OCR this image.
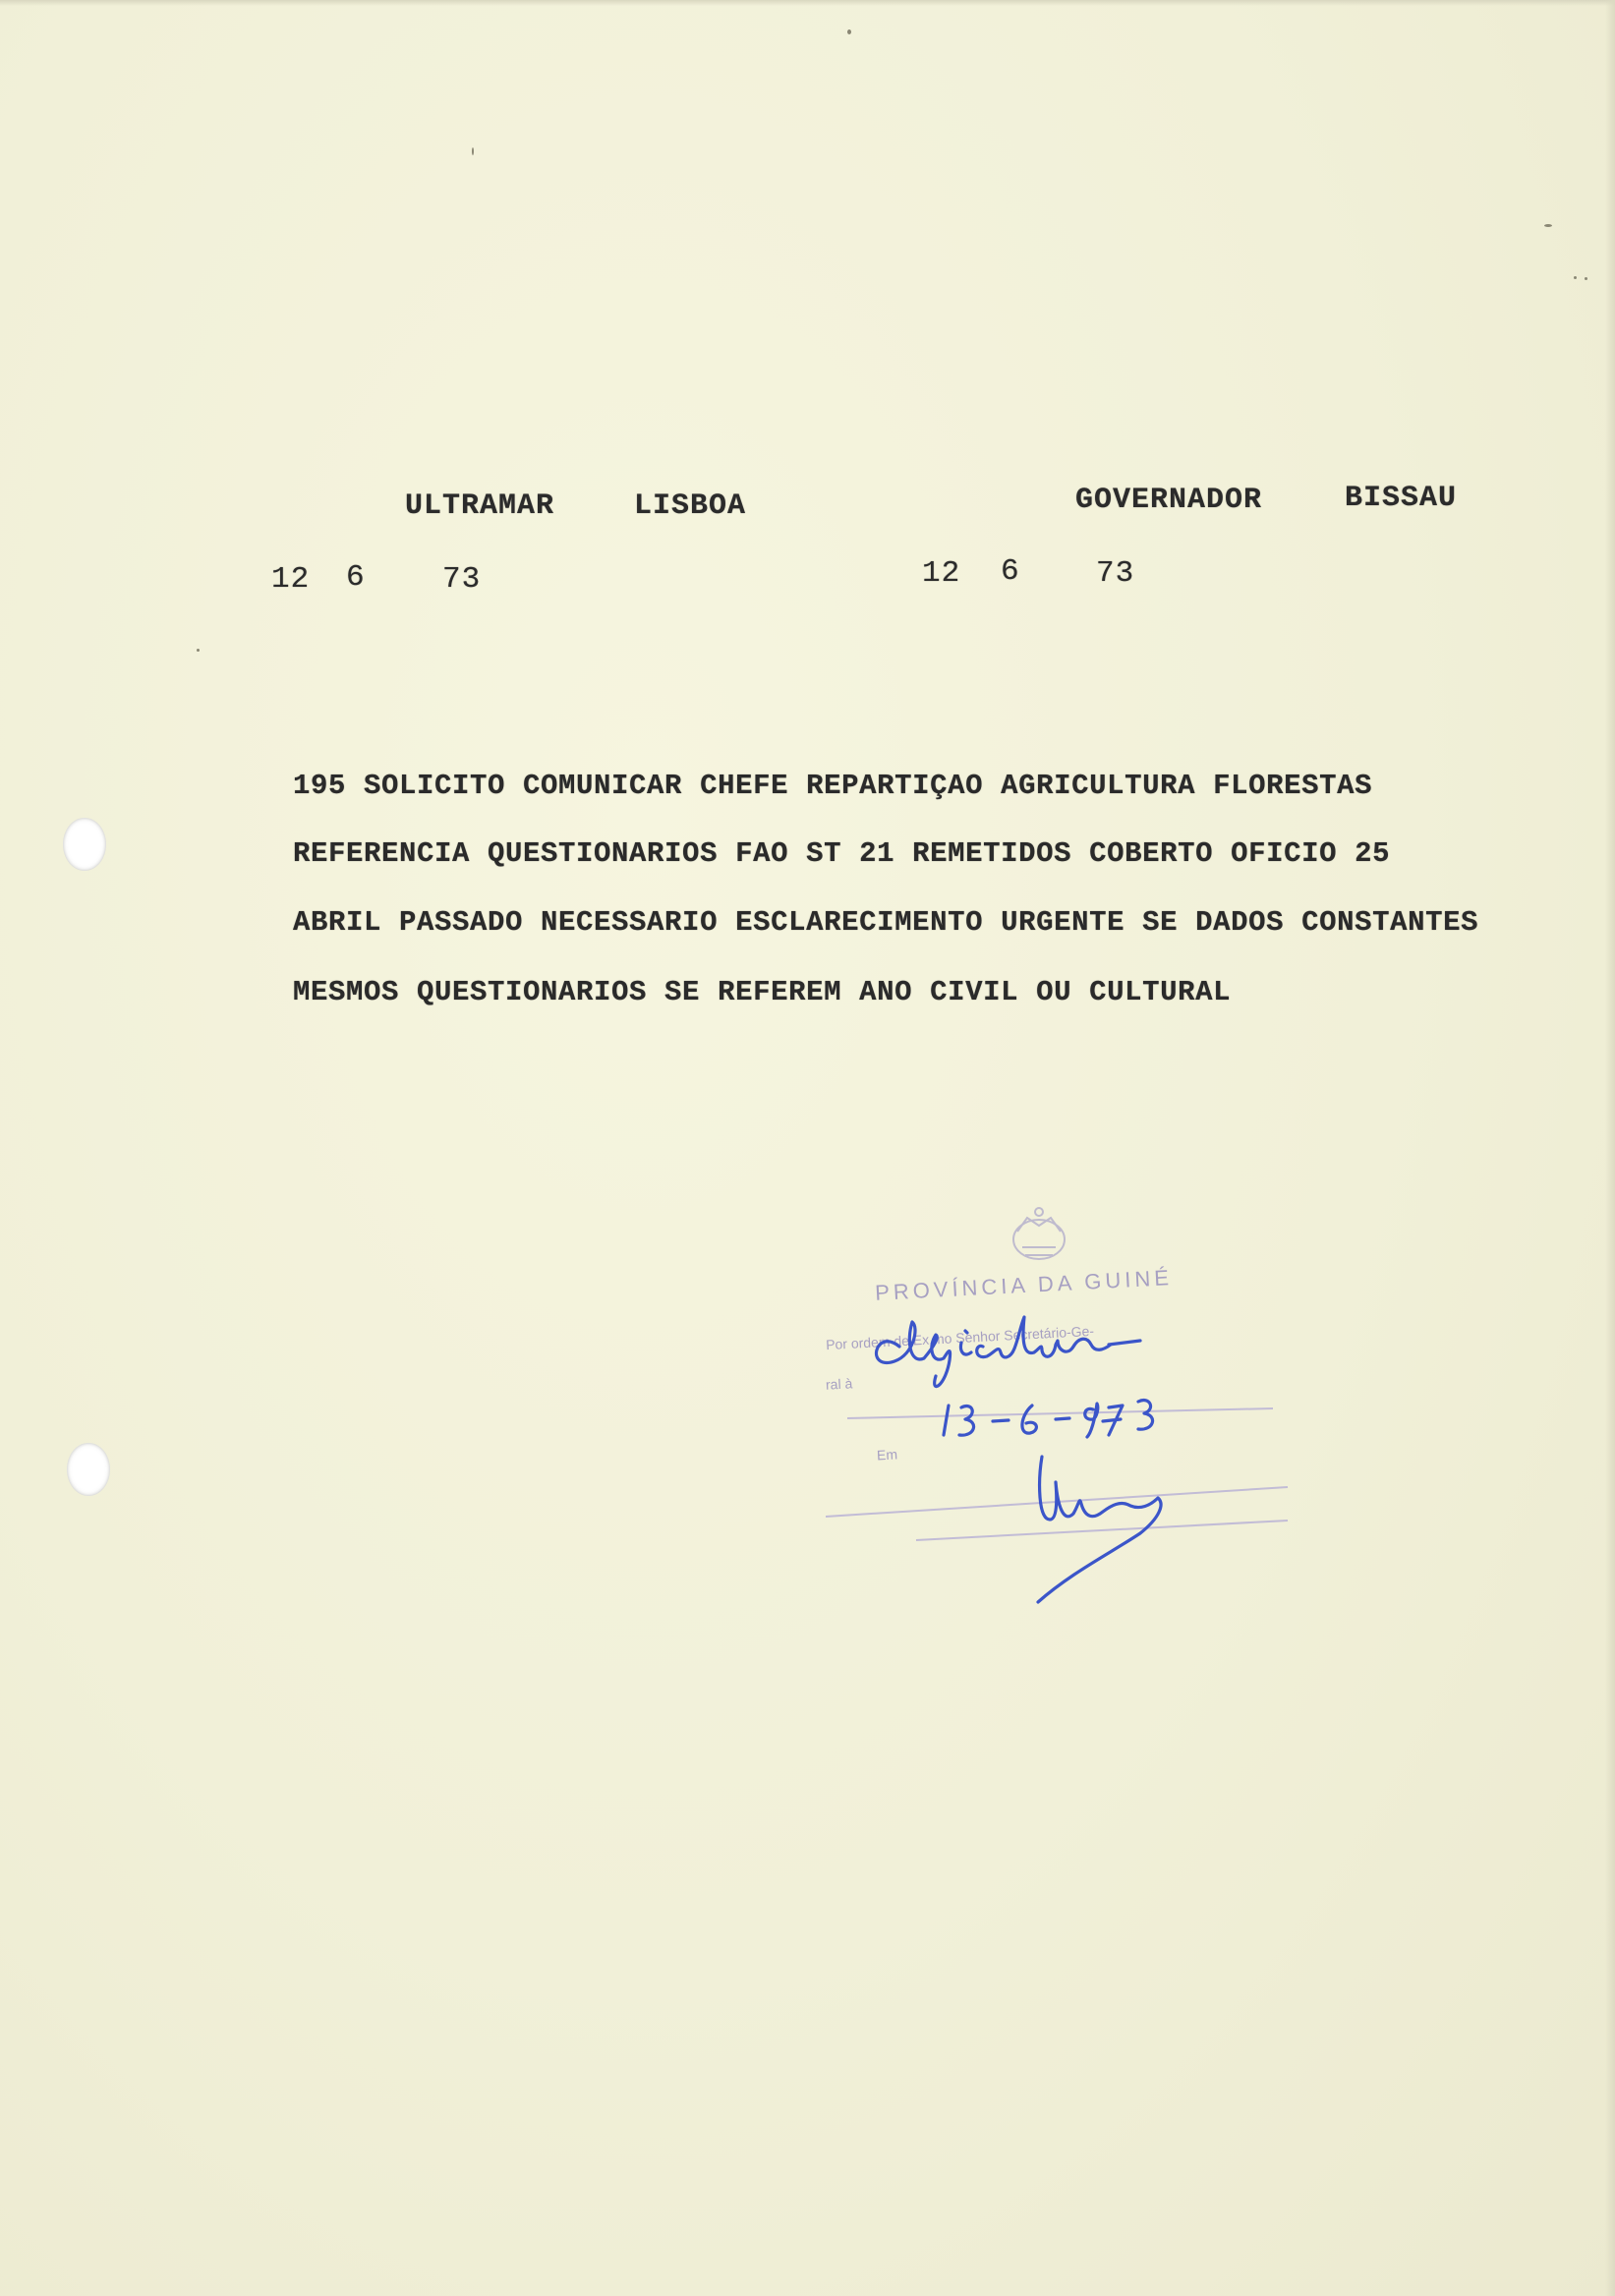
ULTRAMAR	LISBOA
12 6	73
GOVERNADOR	BISSAU
12 6 73
195 SOLICITO COMUNICAR CHEFE REPARTIÇAO AGRICULTURA FLORESTAS
REFERENCIA QUESTIONARIOS FAO ST 21 REMETIDOS COBERTO OFICIO 25
ABRIL PASSADO NECESSARIO ESCLARECIMENTO URGENTE SE DADOS CONSTANTES
MESMOS QUESTIONARIOS SE REFEREM ANO CIVIL OU CULTURAL
PROVÍNCIA DA GUINÉ
Por ordem de Ex.mo Senhor Secretário-Ge-
ral à
Em
